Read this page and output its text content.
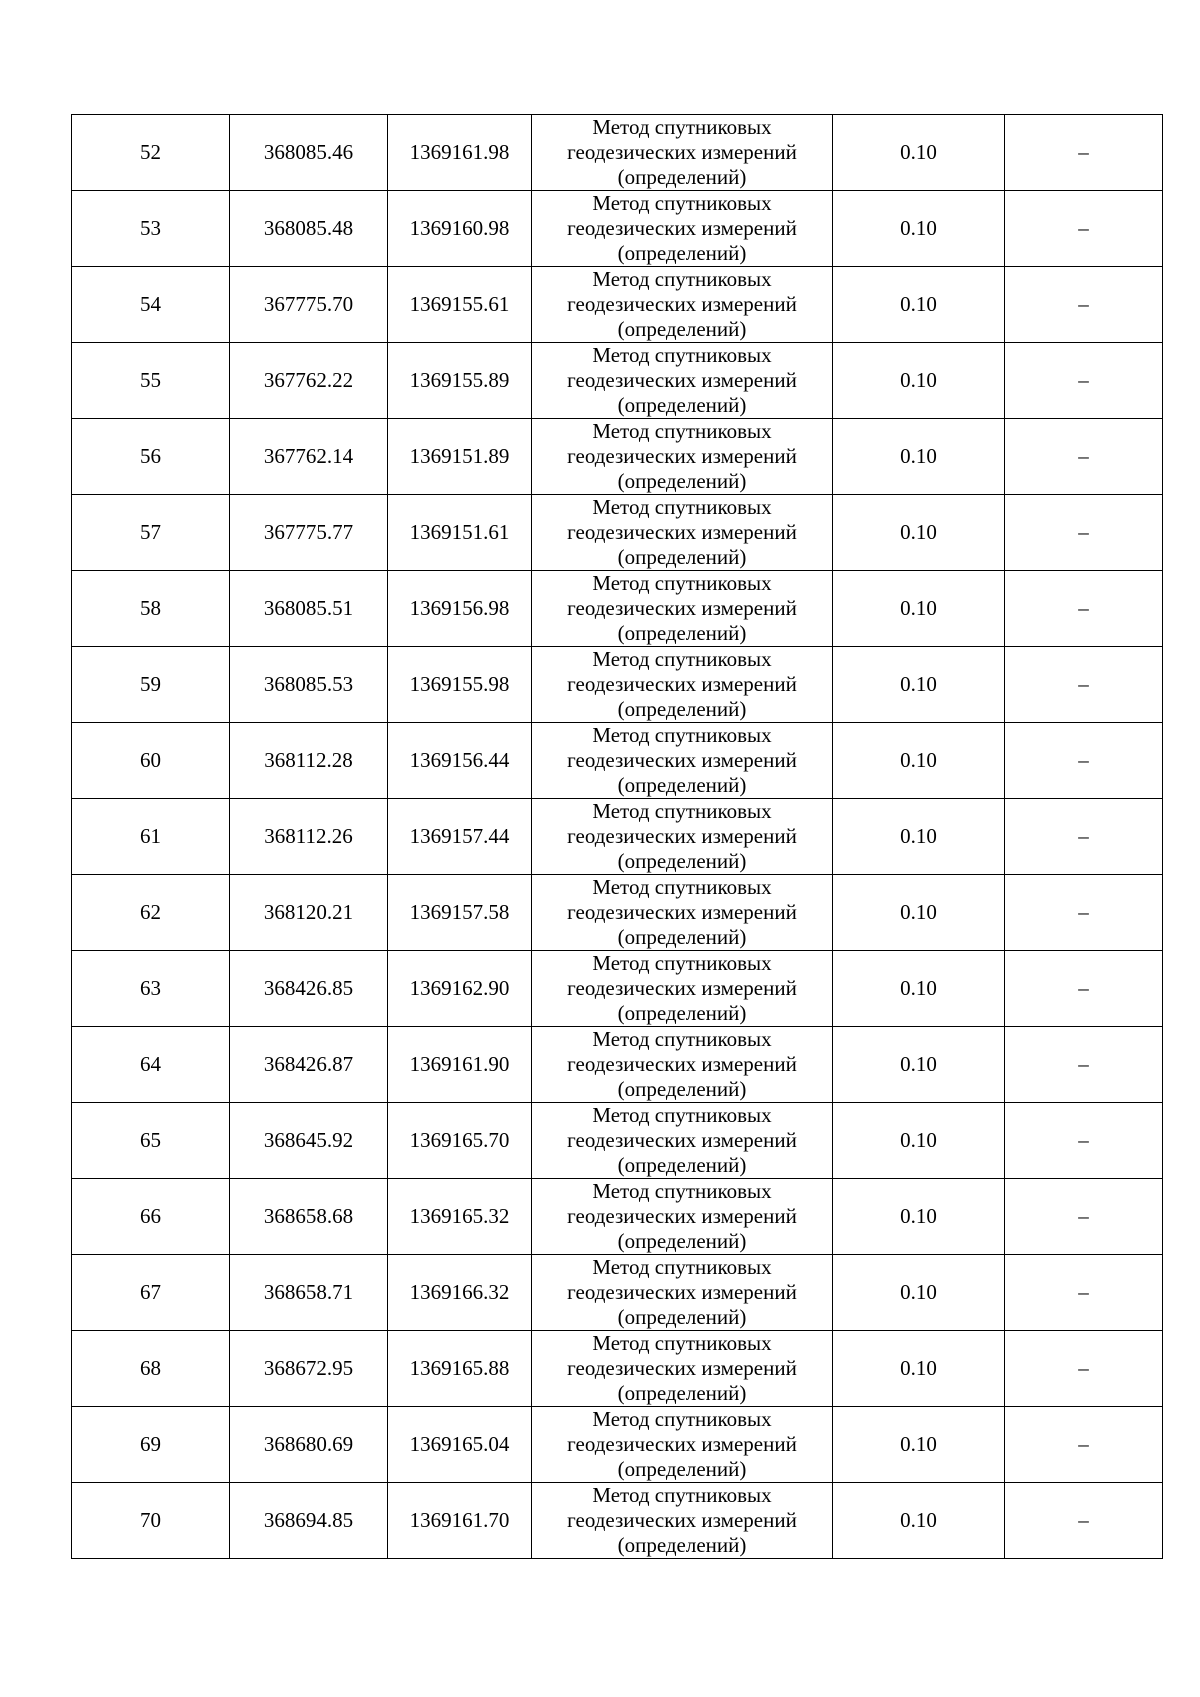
52	368085.46	1369161.98	Метод спутниковых
геодезических измерений
(определений)	0.10	–
53	368085.48	1369160.98	Метод спутниковых
геодезических измерений
(определений)	0.10	–
54	367775.70	1369155.61	Метод спутниковых
геодезических измерений
(определений)	0.10	–
55	367762.22	1369155.89	Метод спутниковых
геодезических измерений
(определений)	0.10	–
56	367762.14	1369151.89	Метод спутниковых
геодезических измерений
(определений)	0.10	–
57	367775.77	1369151.61	Метод спутниковых
геодезических измерений
(определений)	0.10	–
58	368085.51	1369156.98	Метод спутниковых
геодезических измерений
(определений)	0.10	–
59	368085.53	1369155.98	Метод спутниковых
геодезических измерений
(определений)	0.10	–
60	368112.28	1369156.44	Метод спутниковых
геодезических измерений
(определений)	0.10	–
61	368112.26	1369157.44	Метод спутниковых
геодезических измерений
(определений)	0.10	–
62	368120.21	1369157.58	Метод спутниковых
геодезических измерений
(определений)	0.10	–
63	368426.85	1369162.90	Метод спутниковых
геодезических измерений
(определений)	0.10	–
64	368426.87	1369161.90	Метод спутниковых
геодезических измерений
(определений)	0.10	–
65	368645.92	1369165.70	Метод спутниковых
геодезических измерений
(определений)	0.10	–
66	368658.68	1369165.32	Метод спутниковых
геодезических измерений
(определений)	0.10	–
67	368658.71	1369166.32	Метод спутниковых
геодезических измерений
(определений)	0.10	–
68	368672.95	1369165.88	Метод спутниковых
геодезических измерений
(определений)	0.10	–
69	368680.69	1369165.04	Метод спутниковых
геодезических измерений
(определений)	0.10	–
70	368694.85	1369161.70	Метод спутниковых
геодезических измерений
(определений)	0.10	–
